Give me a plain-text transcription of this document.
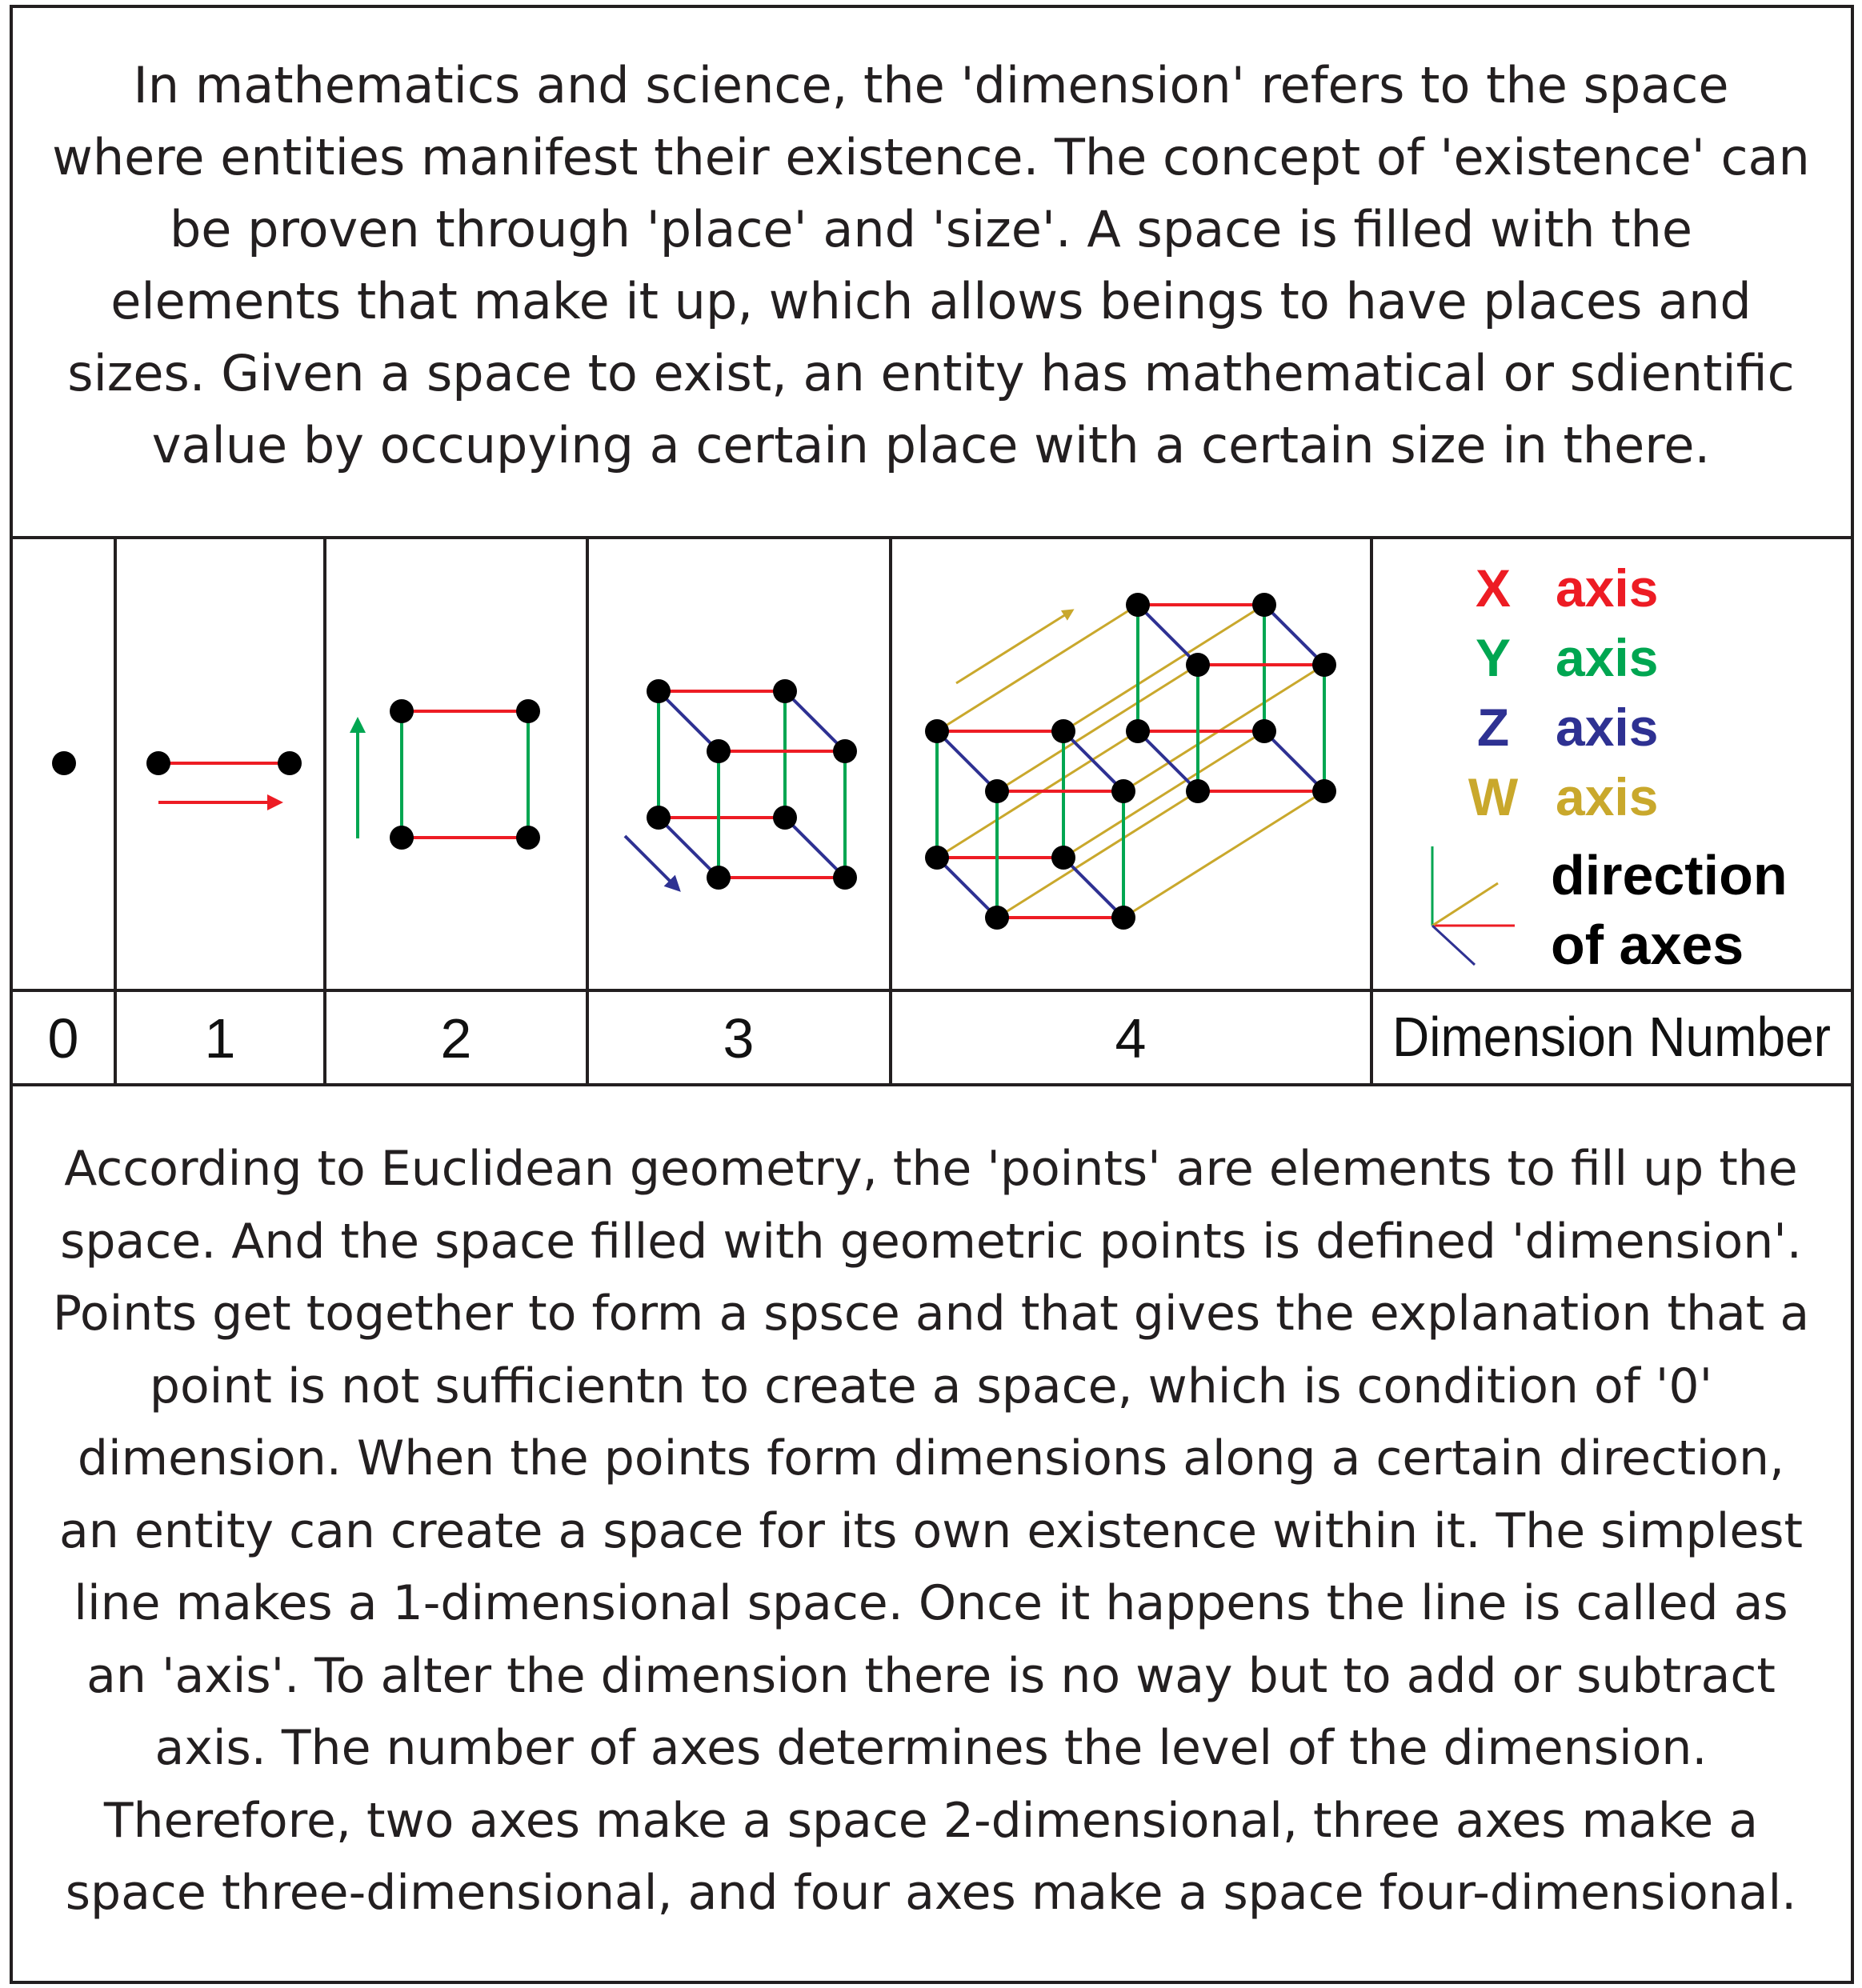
In mathematics and science, the 'dimension' refers to the space
where entities manifest their existence. The concept of 'existence' can
be proven through 'place' and 'size'. A space is filled with the
elements that make it up, which allows beings to have places and
sizes. Given a space to exist, an entity has mathematical or sdientific
value by occupying a certain place with a certain size in there.
X axis
Y axis
Z axis
W axis
direction
of axes
0 1	2	3	4	Dimension Number
According to Euclidean geometry, the 'points' are elements to fill up the
space. And the space filled with geometric points is defined 'dimension'.
Points get together to form a spsce and that gives the explanation that a
point is not sufficientn to create a space, which is condition of '0'
dimension. When the points form dimensions along a certain direction,
an entity can create a space for its own existence within it. The simplest
line makes a 1-dimensional space. Once it happens the line is called as
an 'axis'. To alter the dimension there is no way but to add or subtract
axis. The number of axes determines the level of the dimension.
Therefore, two axes make a space 2-dimensional, three axes make a
space three-dimensional, and four axes make a space four-dimensional.
